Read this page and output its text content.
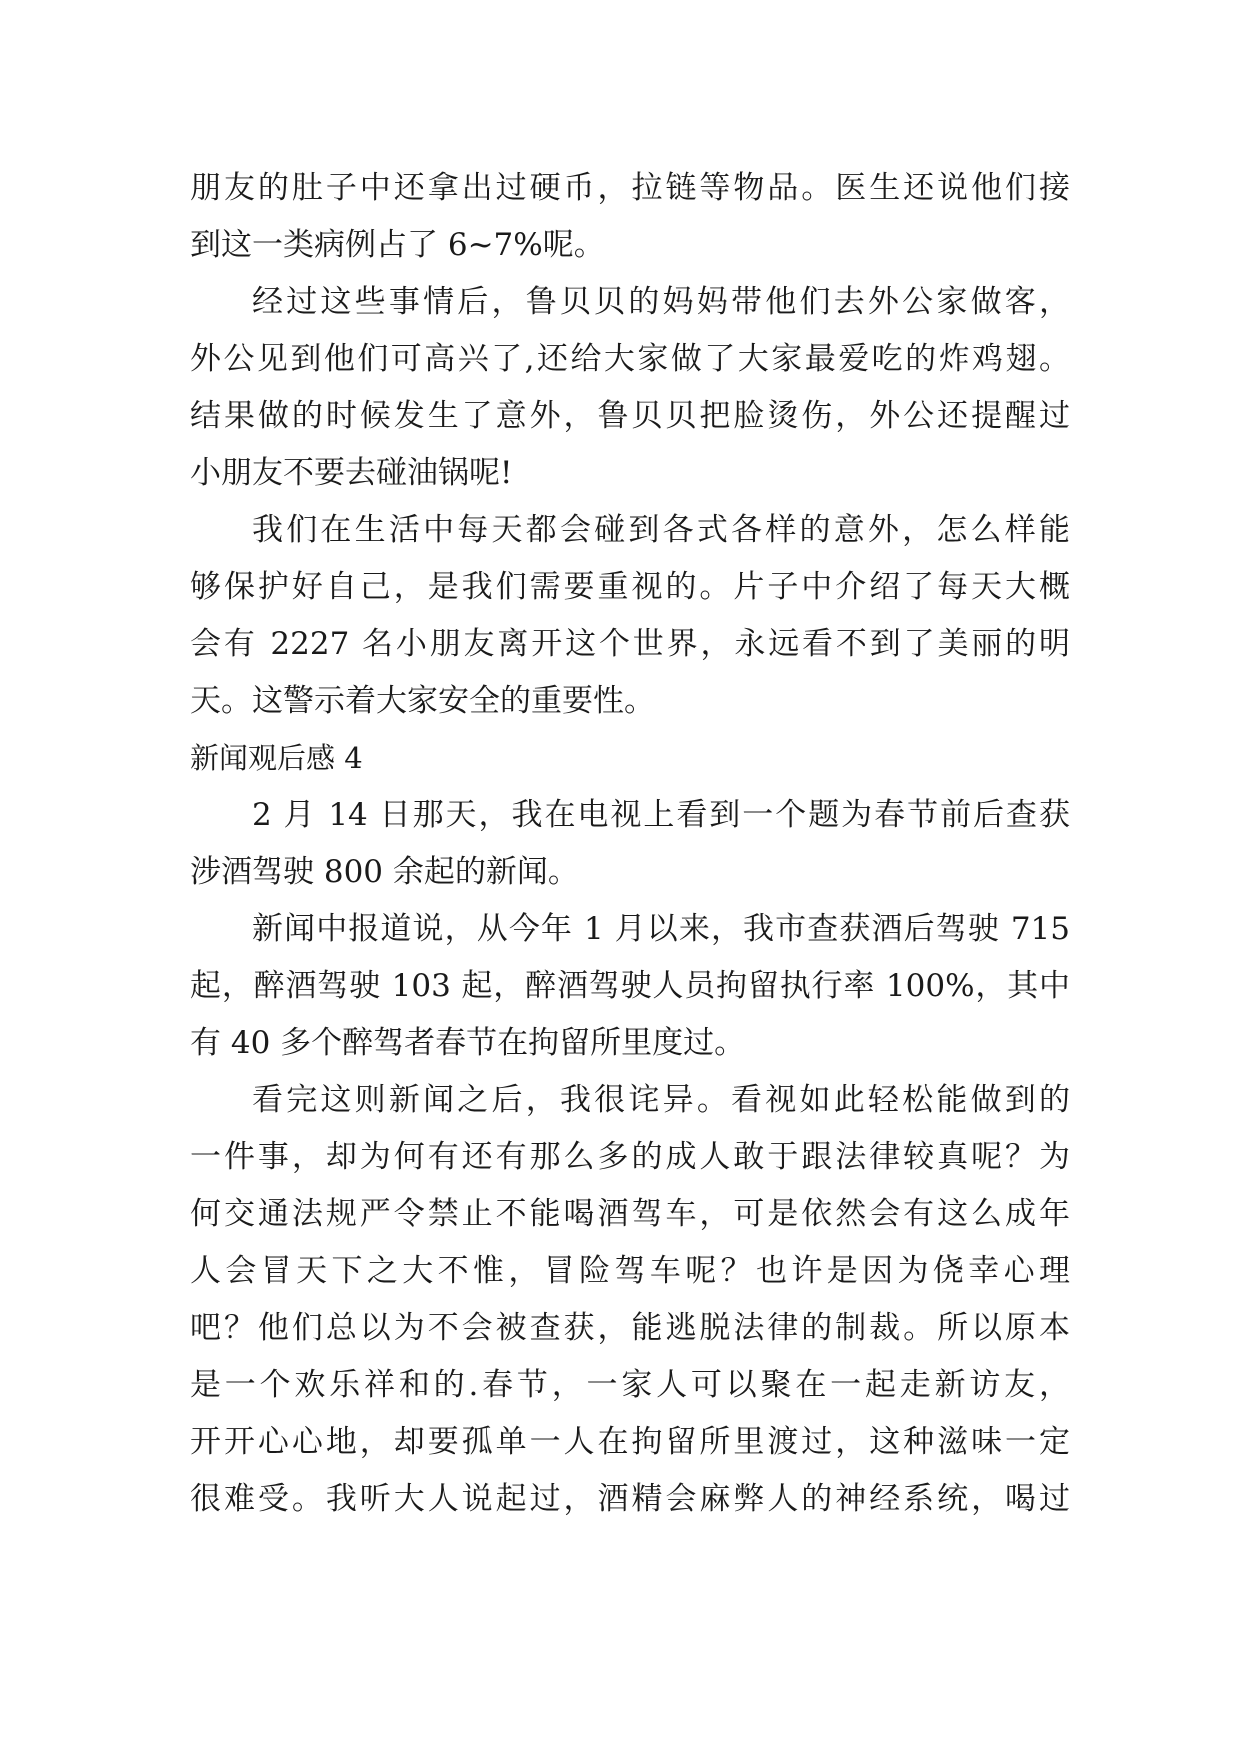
朋友的肚子中还拿出过硬币，拉链等物品。医生还说他们接
到这一类病例占了 6~7%呢。
经过这些事情后，鲁贝贝的妈妈带他们去外公家做客，
外公见到他们可高兴了,还给大家做了大家最爱吃的炸鸡翅。
结果做的时候发生了意外，鲁贝贝把脸烫伤，外公还提醒过
小朋友不要去碰油锅呢!
我们在生活中每天都会碰到各式各样的意外，怎么样能
够保护好自己，是我们需要重视的。片子中介绍了每天大概
会有 2227 名小朋友离开这个世界，永远看不到了美丽的明
天。这警示着大家安全的重要性。
新闻观后感 4
2 月 14 日那天，我在电视上看到一个题为春节前后查获
涉酒驾驶 800 余起的新闻。
新闻中报道说，从今年 1 月以来，我市查获酒后驾驶 715
起，醉酒驾驶 103 起，醉酒驾驶人员拘留执行率 100%，其中
有 40 多个醉驾者春节在拘留所里度过。
看完这则新闻之后，我很诧异。看视如此轻松能做到的
一件事，却为何有还有那么多的成人敢于跟法律较真呢？为
何交通法规严令禁止不能喝酒驾车，可是依然会有这么成年
人会冒天下之大不惟，冒险驾车呢？也许是因为侥幸心理
吧？他们总以为不会被查获，能逃脱法律的制裁。所以原本
是一个欢乐祥和的.春节，一家人可以聚在一起走新访友，
开开心心地，却要孤单一人在拘留所里渡过，这种滋味一定
很难受。我听大人说起过，酒精会麻弊人的神经系统，喝过
